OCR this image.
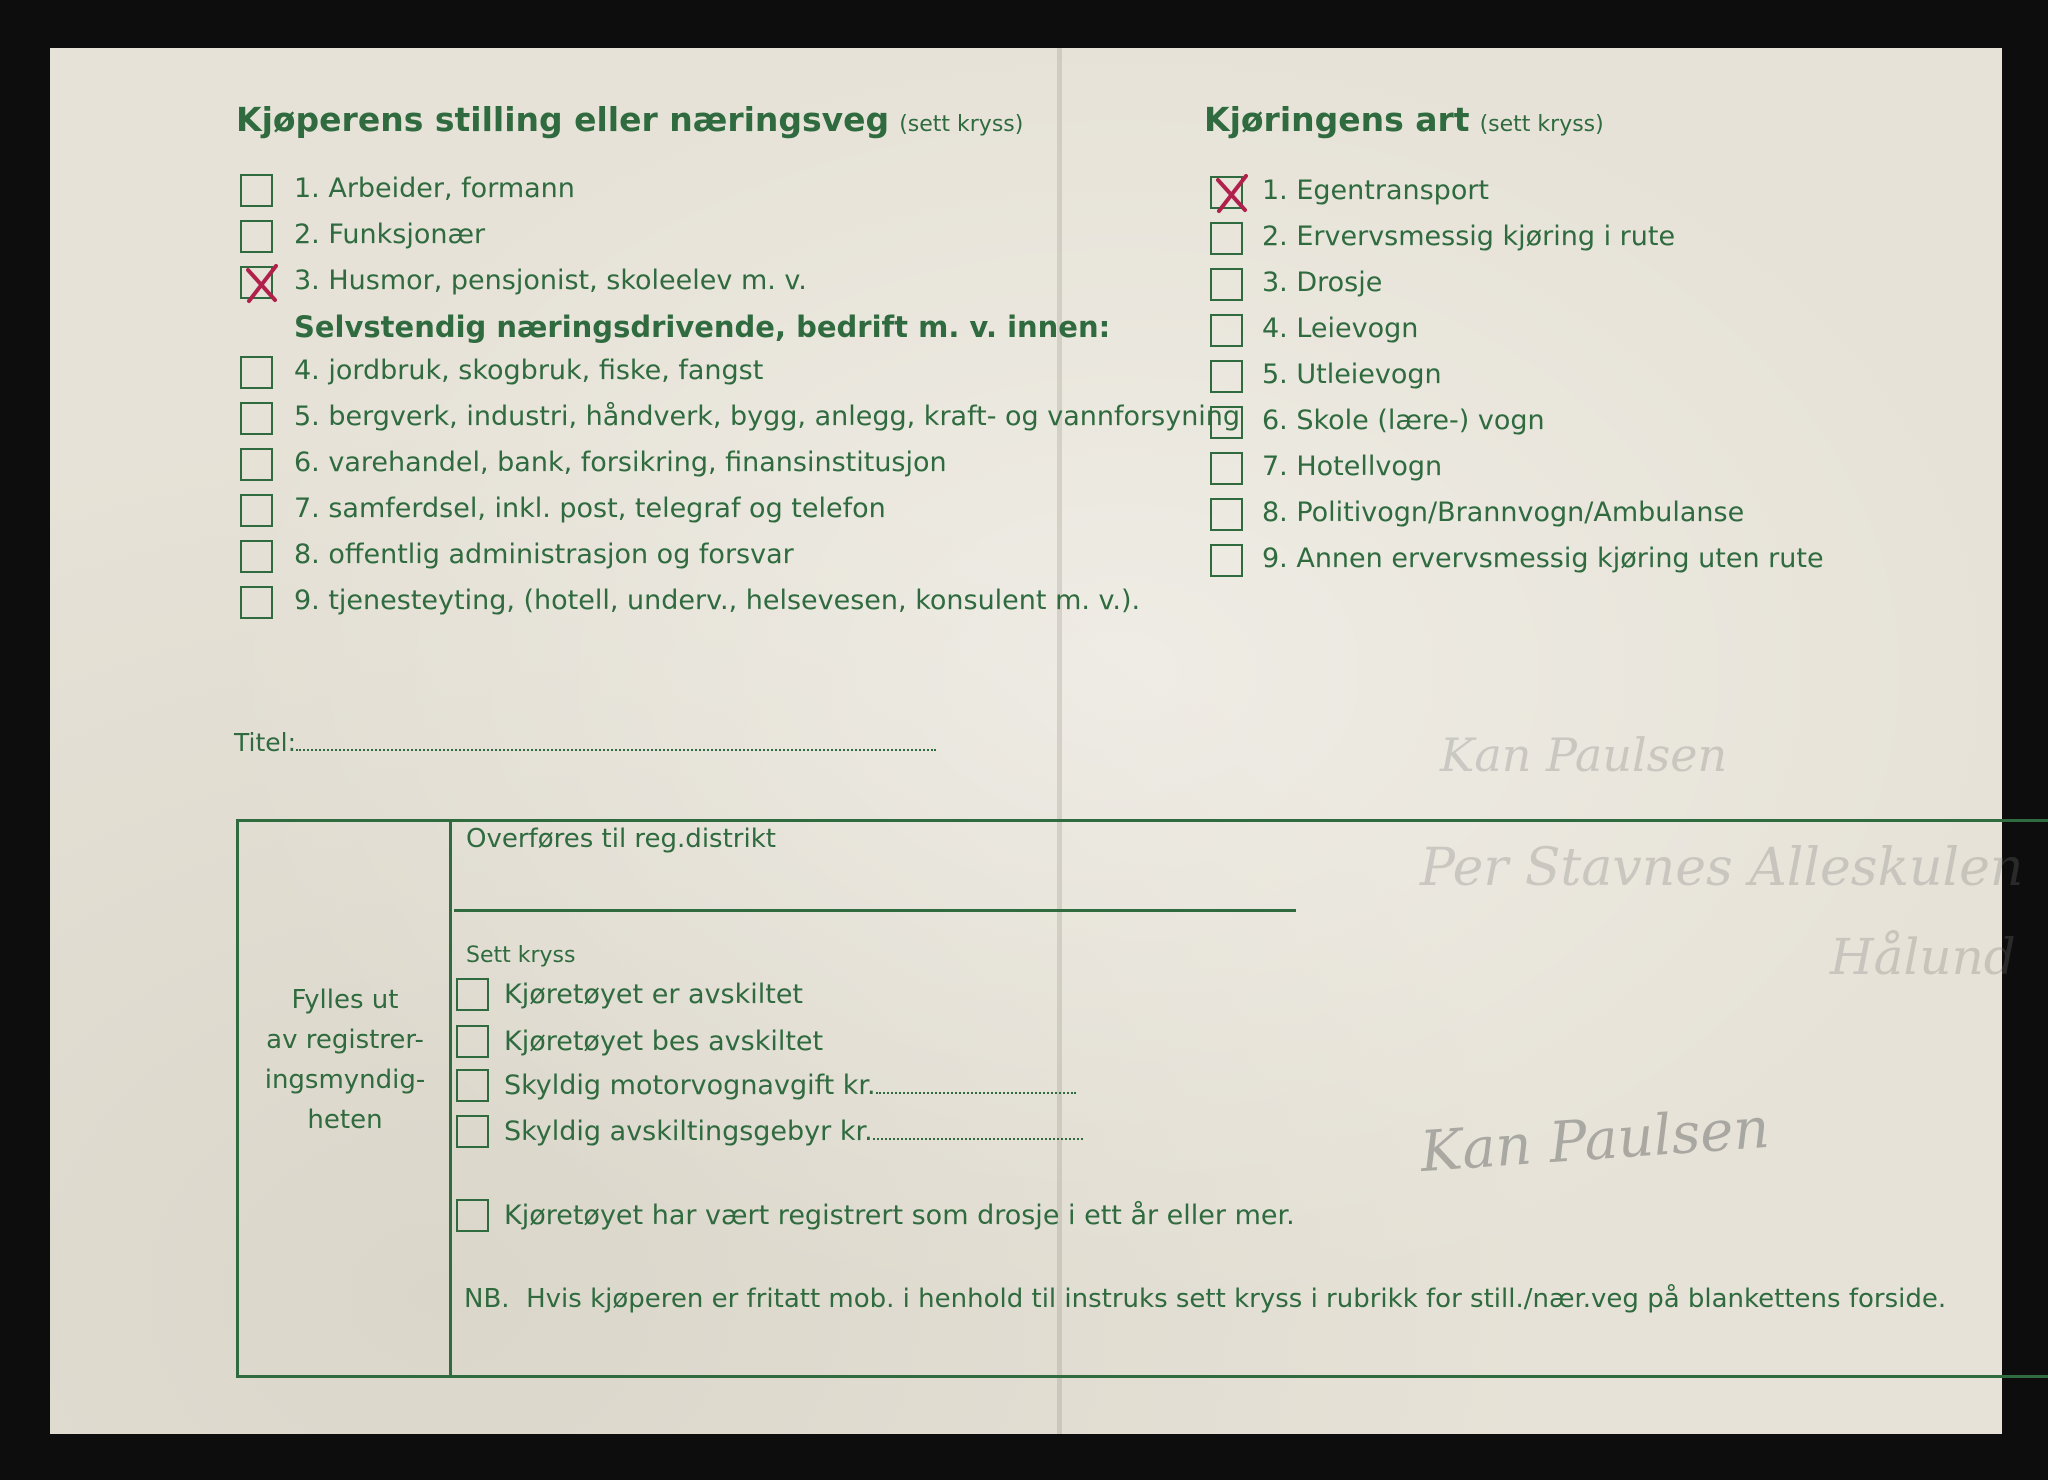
Kan Paulsen
Per Stavnes Alleskulen
Hålund
Kjøperens stilling eller næringsveg (sett kryss)
1. Arbeider, formann
2. Funksjonær
3. Husmor, pensjonist, skoleelev m. v.
Selvstendig næringsdrivende, bedrift m. v. innen:
4. jordbruk, skogbruk, fiske, fangst
5. bergverk, industri, håndverk, bygg, anlegg, kraft- og vannforsyning
6. varehandel, bank, forsikring, finansinstitusjon
7. samferdsel, inkl. post, telegraf og telefon
8. offentlig administrasjon og forsvar
9. tjenesteyting, (hotell, underv., helsevesen, konsulent m. v.).
Kjøringens art (sett kryss)
1. Egentransport
2. Ervervsmessig kjøring i rute
3. Drosje
4. Leievogn
5. Utleievogn
6. Skole (lære-) vogn
7. Hotellvogn
8. Politivogn/Brannvogn/Ambulanse
9. Annen ervervsmessig kjøring uten rute
Titel:
Fylles ut
av registrer-
ingsmyndig-
heten
Overføres til reg.distrikt
Sett kryss
Kjøretøyet er avskiltet
Kjøretøyet bes avskiltet
Skyldig motorvognavgift kr.
Skyldig avskiltingsgebyr kr.
Kjøretøyet har vært registrert som drosje i ett år eller mer.
NB. Hvis kjøperen er fritatt mob. i henhold til instruks sett kryss i rubrikk for still./nær.veg på blankettens forside.
Kan Paulsen
